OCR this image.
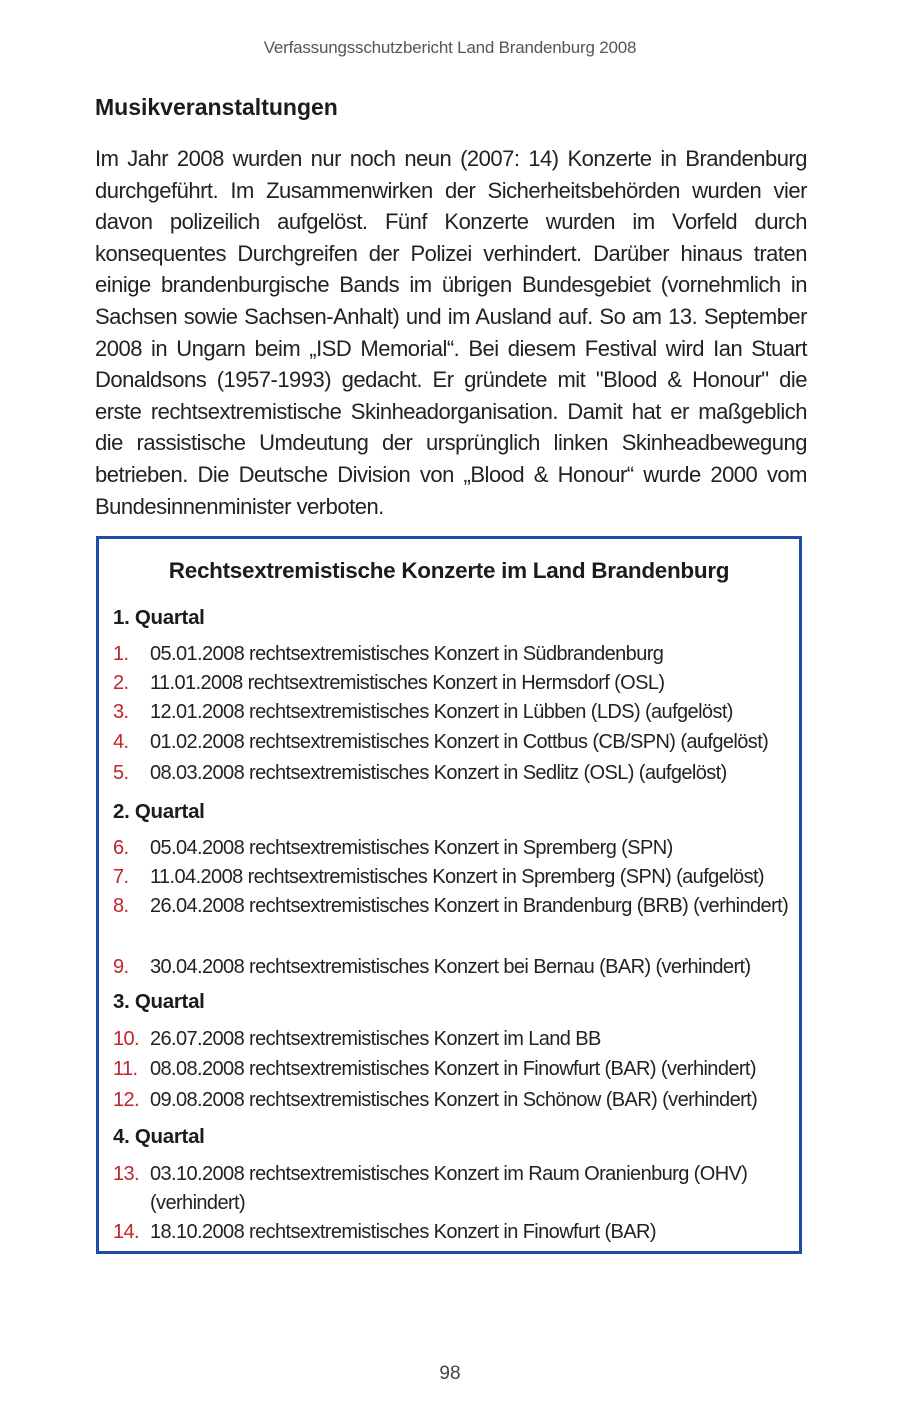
Verfassungsschutzbericht Land Brandenburg 2008
Musikveranstaltungen

Im Jahr 2008 wurden nur noch neun (2007: 14) Konzerte in Brandenburg durchgeführt. Im Zusammenwirken der Sicherheitsbehörden wurden vier davon polizeilich aufgelöst. Fünf Konzerte wurden im Vorfeld durch konsequentes Durchgreifen der Polizei verhindert. Darüber hinaus traten einige brandenburgische Bands im übrigen Bundesgebiet (vornehmlich in Sachsen sowie Sachsen-Anhalt) und im Ausland auf. So am 13. September 2008 in Ungarn beim „ISD Memorial“. Bei diesem Festival wird Ian Stuart Donaldsons (1957-1993) gedacht. Er gründete mit "Blood & Honour" die erste rechtsextremistische Skinheadorganisation. Damit hat er maßgeblich die rassistische Umdeutung der ursprünglich linken Skinheadbewegung betrieben. Die Deutsche Division von „Blood & Honour“ wurde 2000 vom Bundesinnenminister verboten.

Rechtsextremistische Konzerte im Land Brandenburg
1. Quartal
1. 05.01.2008 rechtsextremistisches Konzert in Südbrandenburg
2. 11.01.2008 rechtsextremistisches Konzert in Hermsdorf (OSL)
3. 12.01.2008 rechtsextremistisches Konzert in Lübben (LDS) (aufgelöst)
4. 01.02.2008 rechtsextremistisches Konzert in Cottbus (CB/SPN) (aufgelöst)
5. 08.03.2008 rechtsextremistisches Konzert in Sedlitz (OSL) (aufgelöst)
2. Quartal
6. 05.04.2008 rechtsextremistisches Konzert in Spremberg (SPN)
7. 11.04.2008 rechtsextremistisches Konzert in Spremberg (SPN) (aufgelöst)
8. 26.04.2008 rechtsextremistisches Konzert in Brandenburg (BRB) (verhindert)
9. 30.04.2008 rechtsextremistisches Konzert bei Bernau (BAR) (verhindert)
3. Quartal
10. 26.07.2008 rechtsextremistisches Konzert im Land BB
11. 08.08.2008 rechtsextremistisches Konzert in Finowfurt (BAR) (verhindert)
12. 09.08.2008 rechtsextremistisches Konzert in Schönow (BAR) (verhindert)
4. Quartal
13. 03.10.2008 rechtsextremistisches Konzert im Raum Oranienburg (OHV) (verhindert)
14. 18.10.2008 rechtsextremistisches Konzert in Finowfurt (BAR)
98
